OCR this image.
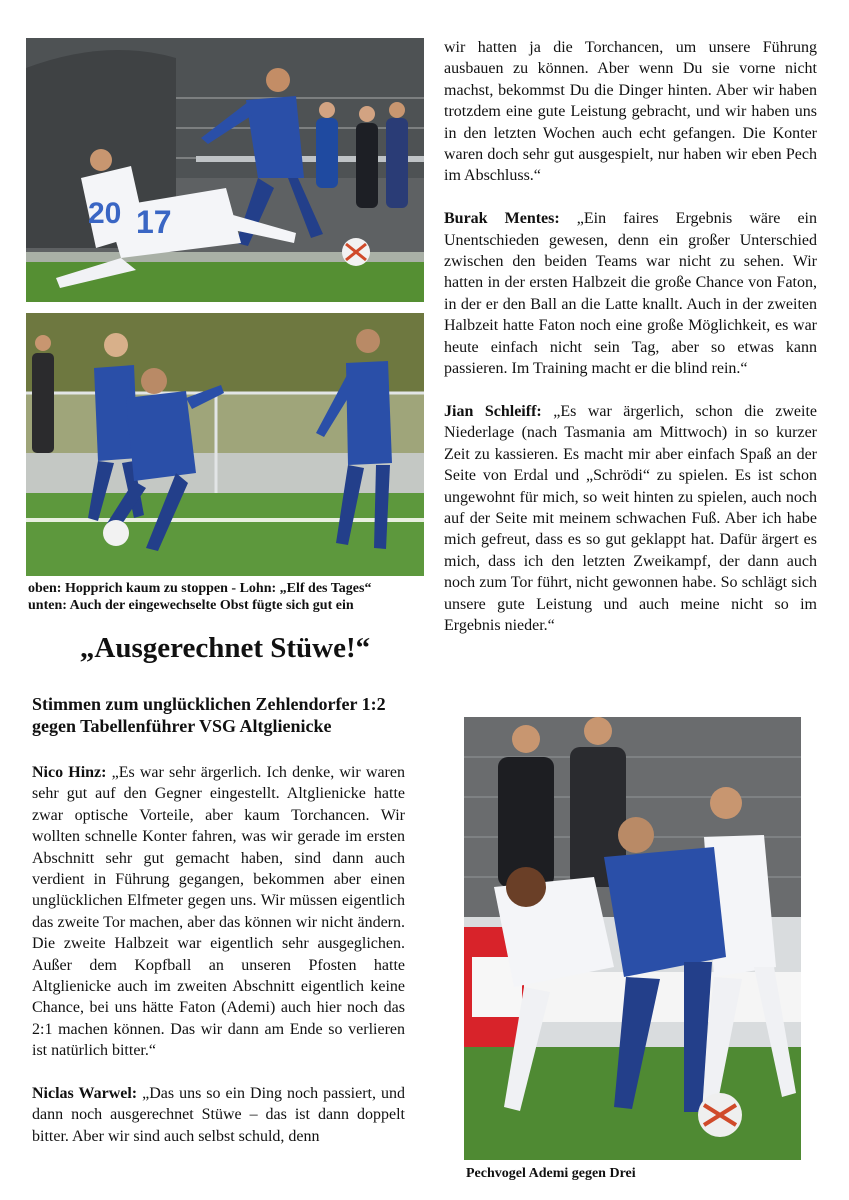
20 17
oben: Hopprich kaum zu stoppen - Lohn: „Elf des Tages“
unten: Auch der eingewechselte Obst fügte sich gut ein
„Ausgerechnet Stüwe!“
Stimmen zum unglücklichen Zehlendorfer 1:2 gegen Tabellenführer VSG Altglienicke

Nico Hinz: „Es war sehr ärgerlich. Ich denke, wir waren sehr gut auf den Gegner eingestellt. Altglienicke hatte zwar optische Vorteile, aber kaum Torchancen. Wir wollten schnelle Konter fahren, was wir gerade im ersten Abschnitt sehr gut gemacht haben, sind dann auch verdient in Führung gegangen, bekommen aber einen unglücklichen Elfmeter gegen uns. Wir müssen eigentlich das zweite Tor machen, aber das können wir nicht ändern. Die zweite Halbzeit war eigentlich sehr ausgeglichen. Außer dem Kopfball an unseren Pfosten hatte Altglienicke auch im zweiten Abschnitt eigentlich keine Chance, bei uns hätte Faton (Ademi) auch hier noch das 2:1 machen können. Das wir dann am Ende so verlieren ist natürlich bitter.“

Niclas Warwel: „Das uns so ein Ding noch passiert, und dann noch ausgerechnet Stüwe – das ist dann doppelt bitter. Aber wir sind auch selbst schuld, denn

wir hatten ja die Torchancen, um unsere Führung ausbauen zu können. Aber wenn Du sie vorne nicht machst, bekommst Du die Dinger hinten. Aber wir haben trotzdem eine gute Leistung gebracht, und wir haben uns in den letzten Wochen auch echt gefangen. Die Konter waren doch sehr gut ausgespielt, nur haben wir eben Pech im Abschluss.“

Burak Mentes: „Ein faires Ergebnis wäre ein Unentschieden gewesen, denn ein großer Unterschied zwischen den beiden Teams war nicht zu sehen. Wir hatten in der ersten Halbzeit die große Chance von Faton, in der er den Ball an die Latte knallt. Auch in der zweiten Halbzeit hatte Faton noch eine große Möglichkeit, es war heute einfach nicht sein Tag, aber so etwas kann passieren. Im Training macht er die blind rein.“

Jian Schleiff: „Es war ärgerlich, schon die zweite Niederlage (nach Tasmania am Mittwoch) in so kurzer Zeit zu kassieren. Es macht mir aber einfach Spaß an der Seite von Erdal und „Schrödi“ zu spielen. Es ist schon ungewohnt für mich, so weit hinten zu spielen, auch noch auf der Seite mit meinem schwachen Fuß. Aber ich habe mich gefreut, dass es so gut geklappt hat. Dafür ärgert es mich, dass ich den letzten Zweikampf, der dann auch noch zum Tor führt, nicht gewonnen habe. So schlägt sich unsere gute Leistung und auch meine nicht so im Ergebnis nieder.“

Pechvogel Ademi gegen Drei
